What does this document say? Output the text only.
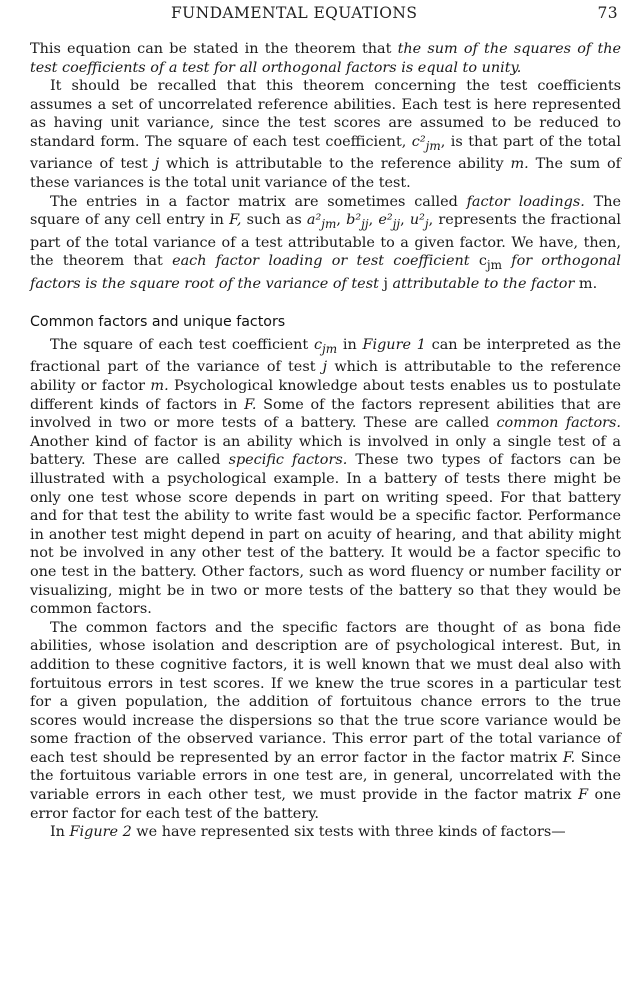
FUNDAMENTAL EQUATIONS	73

This equation can be stated in the theorem that the sum of the squares of the test coefficients of a test for all orthogonal factors is equal to unity.

It should be recalled that this theorem concerning the test coefficients assumes a set of uncorrelated reference abilities. Each test is here represented as having unit variance, since the test scores are assumed to be reduced to standard form. The square of each test coefficient, $c^2_{jm}$, is that part of the total variance of test j which is attributable to the reference ability m. The sum of these variances is the total unit variance of the test.

The entries in a factor matrix are sometimes called factor loadings. The square of any cell entry in F, such as $a^2_{jm}$, $b^2_{jj}$, $e^2_{jj}$, $u^2_j$, represents the fractional part of the total variance of a test attributable to a given factor. We have, then, the theorem that each factor loading or test coefficient $c_{jm}$ for orthogonal factors is the square root of the variance of test j attributable to the factor m.

Common factors and unique factors

The square of each test coefficient $c_{jm}$ in Figure 1 can be interpreted as the fractional part of the variance of test j which is attributable to the reference ability or factor m. Psychological knowledge about tests enables us to postulate different kinds of factors in F. Some of the factors represent abilities that are involved in two or more tests of a battery. These are called common factors. Another kind of factor is an ability which is involved in only a single test of a battery. These are called specific factors. These two types of factors can be illustrated with a psychological example. In a battery of tests there might be only one test whose score depends in part on writing speed. For that battery and for that test the ability to write fast would be a specific factor. Performance in another test might depend in part on acuity of hearing, and that ability might not be involved in any other test of the battery. It would be a factor specific to one test in the battery. Other factors, such as word fluency or number facility or visualizing, might be in two or more tests of the battery so that they would be common factors.

The common factors and the specific factors are thought of as bona fide abilities, whose isolation and description are of psychological interest. But, in addition to these cognitive factors, it is well known that we must deal also with fortuitous errors in test scores. If we knew the true scores in a particular test for a given population, the addition of fortuitous chance errors to the true scores would increase the dispersions so that the true score variance would be some fraction of the observed variance. This error part of the total variance of each test should be represented by an error factor in the factor matrix F. Since the fortuitous variable errors in one test are, in general, uncorrelated with the variable errors in each other test, we must provide in the factor matrix F one error factor for each test of the battery.

In Figure 2 we have represented six tests with three kinds of factors—
